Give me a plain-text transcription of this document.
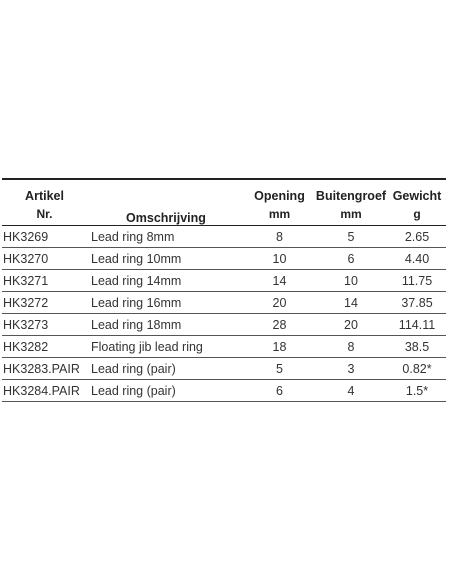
Artikel	Omschrijving	Opening	Buitengroef	Gewicht
Nr.		mm	mm	g
HK3269	Lead ring 8mm	8	5	2.65
HK3270	Lead ring 10mm	10	6	4.40
HK3271	Lead ring 14mm	14	10	11.75
HK3272	Lead ring 16mm	20	14	37.85
HK3273	Lead ring 18mm	28	20	114.11
HK3282	Floating jib lead ring	18	8	38.5
HK3283.PAIR	Lead ring (pair)	5	3	0.82*
HK3284.PAIR	Lead ring (pair)	6	4	1.5*
